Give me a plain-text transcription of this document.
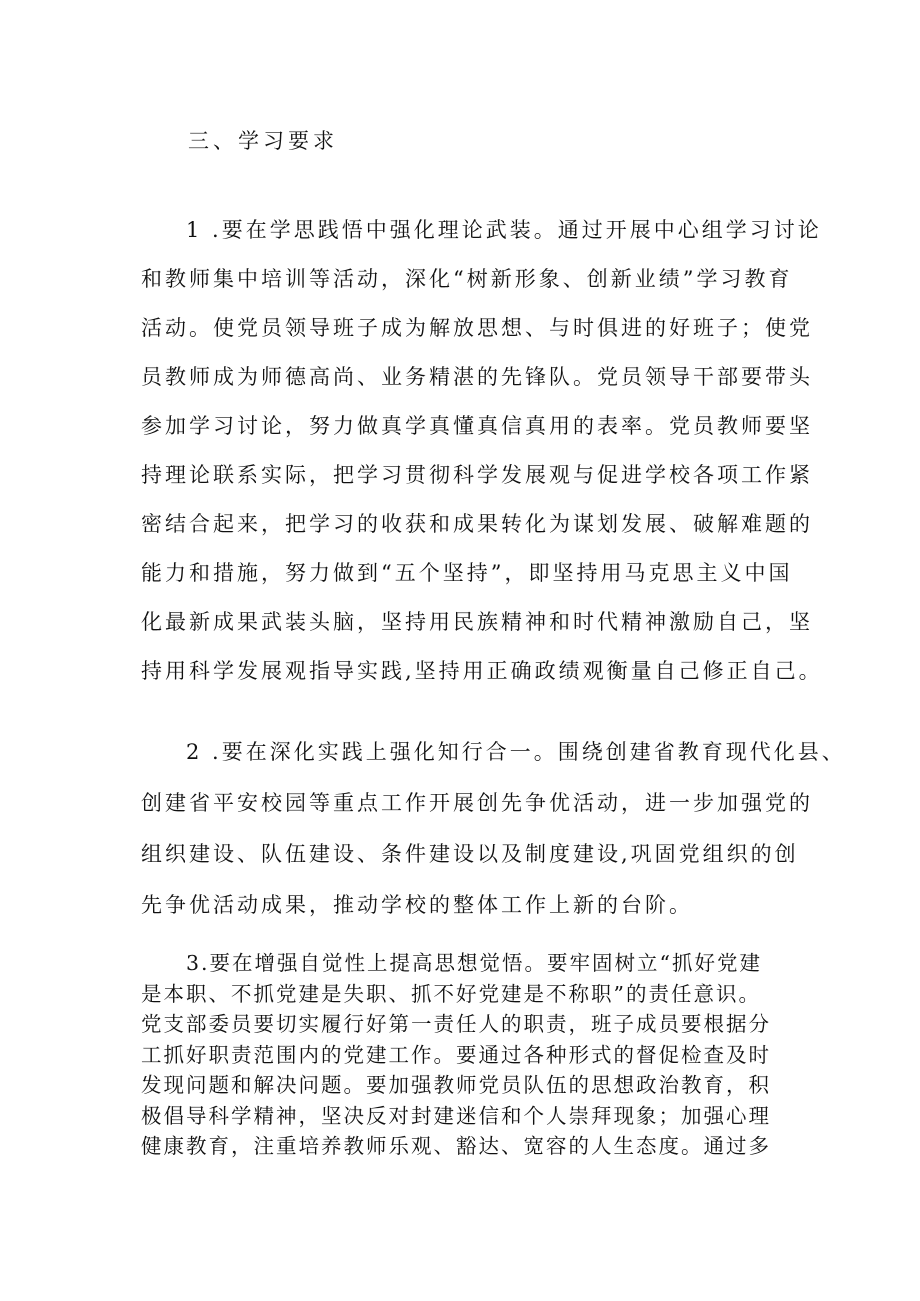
三、学习要求
1 .要在学思践悟中强化理论武装。通过开展中心组学习讨论
和教师集中培训等活动，深化“树新形象、创新业绩”学习教育
活动。使党员领导班子成为解放思想、与时俱进的好班子；使党
员教师成为师德高尚、业务精湛的先锋队。党员领导干部要带头
参加学习讨论，努力做真学真懂真信真用的表率。党员教师要坚
持理论联系实际，把学习贯彻科学发展观与促进学校各项工作紧
密结合起来，把学习的收获和成果转化为谋划发展、破解难题的
能力和措施，努力做到“五个坚持”，即坚持用马克思主义中国
化最新成果武装头脑，坚持用民族精神和时代精神激励自己，坚
持用科学发展观指导实践,坚持用正确政绩观衡量自己修正自己。
2 .要在深化实践上强化知行合一。围绕创建省教育现代化县、
创建省平安校园等重点工作开展创先争优活动，进一步加强党的
组织建设、队伍建设、条件建设以及制度建设,巩固党组织的创
先争优活动成果，推动学校的整体工作上新的台阶。
3.要在增强自觉性上提高思想觉悟。要牢固树立“抓好党建
是本职、不抓党建是失职、抓不好党建是不称职”的责任意识。
党支部委员要切实履行好第一责任人的职责，班子成员要根据分
工抓好职责范围内的党建工作。要通过各种形式的督促检查及时
发现问题和解决问题。要加强教师党员队伍的思想政治教育，积
极倡导科学精神，坚决反对封建迷信和个人崇拜现象；加强心理
健康教育，注重培养教师乐观、豁达、宽容的人生态度。通过多
